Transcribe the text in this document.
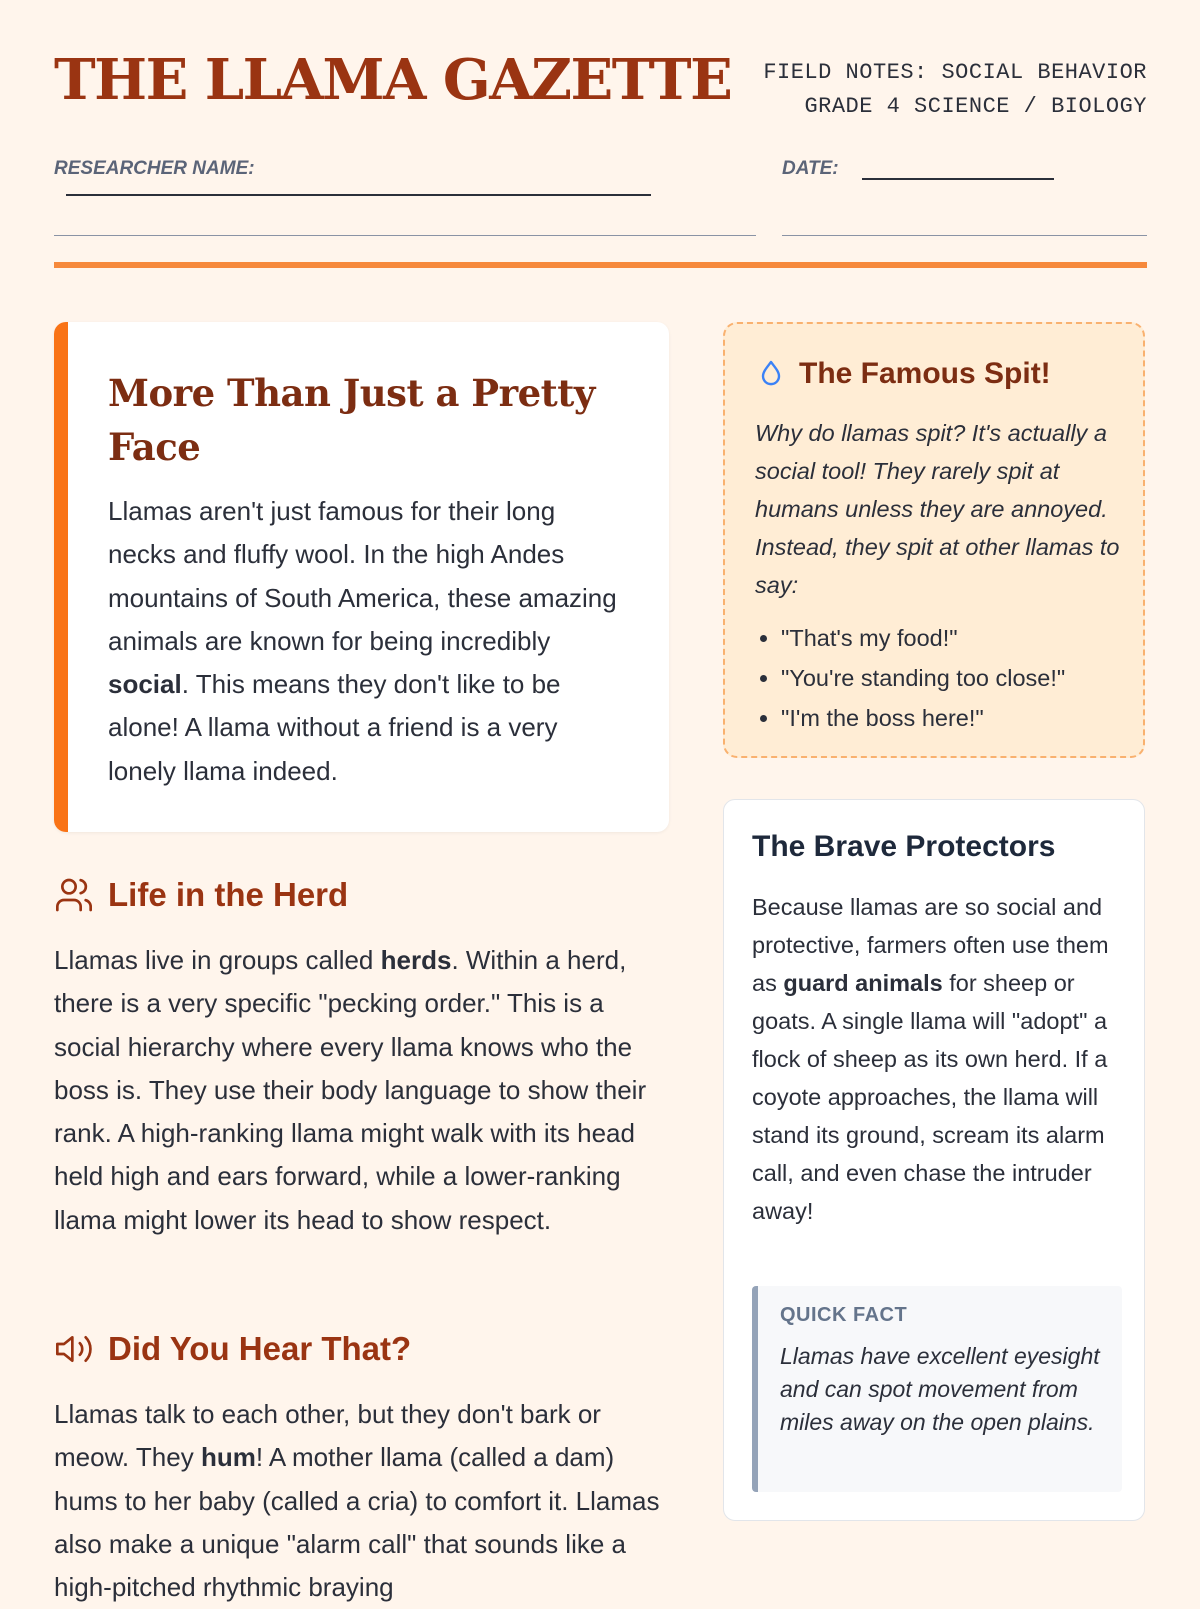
THE LLAMA GAZETTE FIELD NOTES: SOCIAL BEHAVIOR
GRADE 4 SCIENCE / BIOLOGY
RESEARCHER NAME:	DATE:
More Than Just a Pretty Face

Llamas aren't just famous for their long necks and fluffy wool. In the high Andes mountains of South America, these amazing animals are known for being incredibly social. This means they don't like to be alone! A llama without a friend is a very lonely llama indeed.

Life in the Herd

Llamas live in groups called herds. Within a herd, there is a very specific "pecking order." This is a social hierarchy where every llama knows who the boss is. They use their body language to show their rank. A high-ranking llama might walk with its head held high and ears forward, while a lower-ranking llama might lower its head to show respect.

Did You Hear That?

Llamas talk to each other, but they don't bark or meow. They hum! A mother llama (called a dam) hums to her baby (called a cria) to comfort it. Llamas also make a unique "alarm call" that sounds like a high-pitched rhythmic braying

The Famous Spit!

Why do llamas spit? It's actually a social tool! They rarely spit at humans unless they are annoyed. Instead, they spit at other llamas to say:

• "That's my food!"
• "You're standing too close!"
• "I'm the boss here!"
The Brave Protectors

Because llamas are so social and protective, farmers often use them as guard animals for sheep or goats. A single llama will "adopt" a flock of sheep as its own herd. If a coyote approaches, the llama will stand its ground, scream its alarm call, and even chase the intruder away!

QUICK FACT

Llamas have excellent eyesight and can spot movement from miles away on the open plains.
